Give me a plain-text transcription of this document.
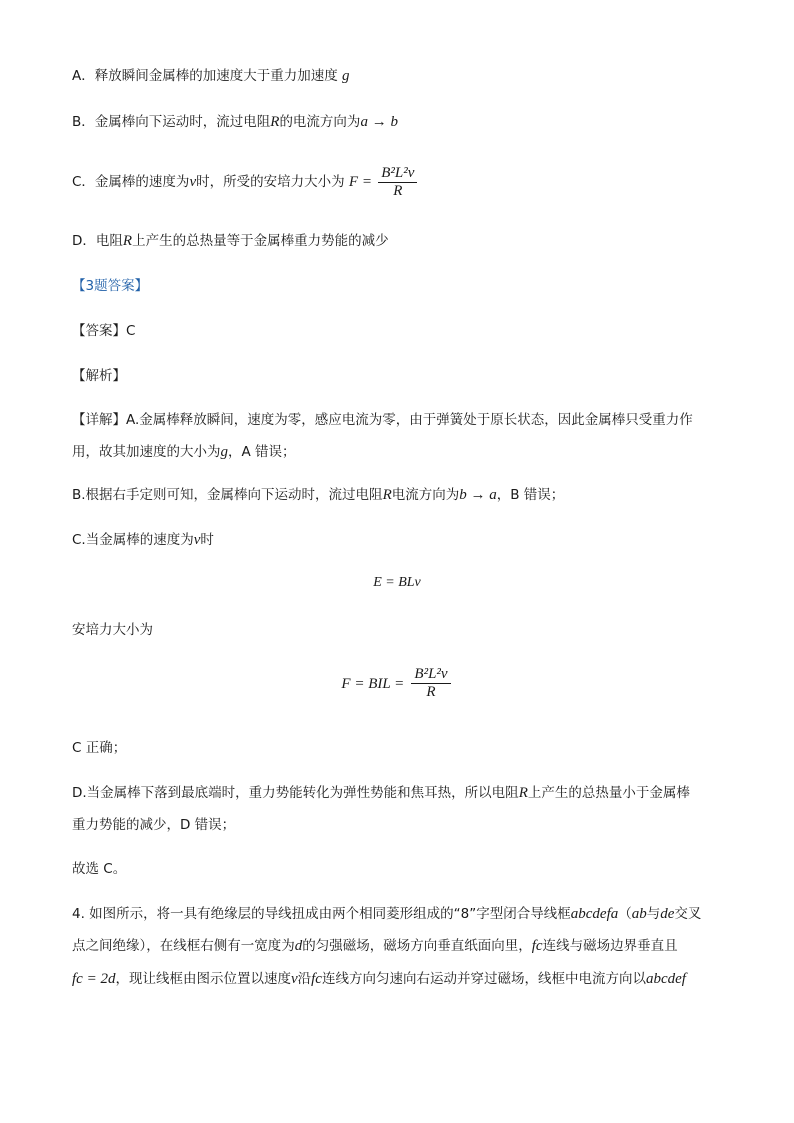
A．释放瞬间金属棒的加速度大于重力加速度 g
B．金属棒向下运动时，流过电阻R的电流方向为a → b
C．金属棒的速度为v时，所受的安培力大小为 $F = \frac{\text{B²L²v}}{R}$
D．电阻R上产生的总热量等于金属棒重力势能的减少
【3题答案】
【答案】C
【解析】
【详解】A.金属棒释放瞬间，速度为零，感应电流为零，由于弹簧处于原长状态，因此金属棒只受重力作
用，故其加速度的大小为g，A 错误；
B.根据右手定则可知，金属棒向下运动时，流过电阻R电流方向为b → a，B 错误；
C.当金属棒的速度为v时
E = BLv
安培力大小为
F = BIL = $\frac{\text{B²L²v}}{R}$
C 正确；
D.当金属棒下落到最底端时，重力势能转化为弹性势能和焦耳热，所以电阻R上产生的总热量小于金属棒
重力势能的减少，D 错误；
故选 C。
4. 如图所示，将一具有绝缘层的导线扭成由两个相同菱形组成的“8”字型闭合导线框abcdefa（ab与de交叉
点之间绝缘），在线框右侧有一宽度为d的匀强磁场，磁场方向垂直纸面向里，fc连线与磁场边界垂直且
fc = 2d，现让线框由图示位置以速度v沿fc连线方向匀速向右运动并穿过磁场，线框中电流方向以abcdef
